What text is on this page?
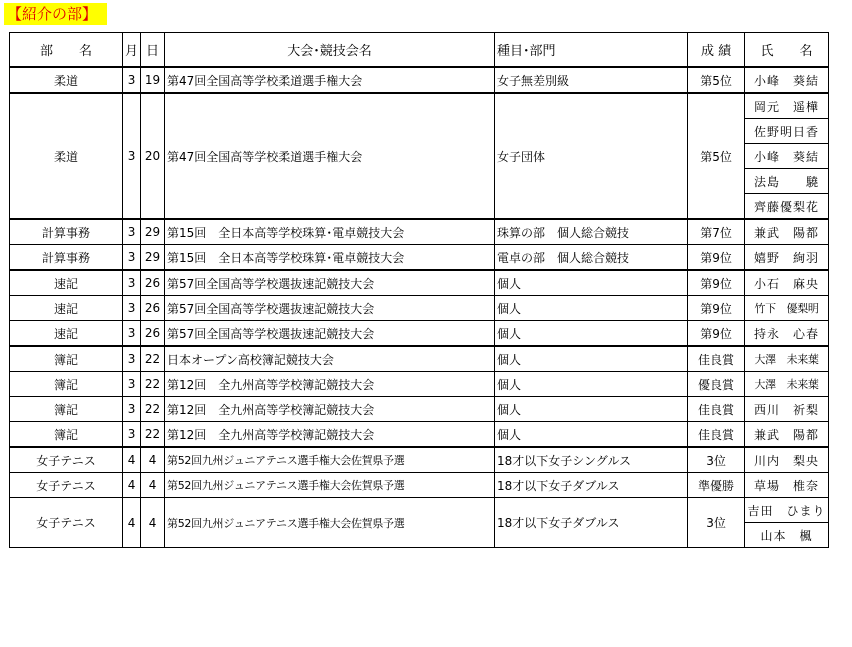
【紹介の部】
部　　名	月	日	大会･競技会名	種目･部門	成 績	氏　　名
柔道	3	19	第47回全国高等学校柔道選手権大会	女子無差別級	第5位	小峰　葵結
柔道	3	20	第47回全国高等学校柔道選手権大会	女子団体	第5位	岡元　遥樺
						佐野明日香
						小峰　葵結
						法島　　驍
						齊藤優梨花
計算事務	3	29	第15回　全日本高等学校珠算･電卓競技大会	珠算の部　個人総合競技	第7位	兼武　陽都
計算事務	3	29	第15回　全日本高等学校珠算･電卓競技大会	電卓の部　個人総合競技	第9位	嬉野　絢羽
速記	3	26	第57回全国高等学校選抜速記競技大会	個人	第9位	小石　麻央
速記	3	26	第57回全国高等学校選抜速記競技大会	個人	第9位	竹下　優梨明
速記	3	26	第57回全国高等学校選抜速記競技大会	個人	第9位	持永　心春
簿記	3	22	日本オープン高校簿記競技大会	個人	佳良賞	大澤　未来葉
簿記	3	22	第12回　全九州高等学校簿記競技大会	個人	優良賞	大澤　未来葉
簿記	3	22	第12回　全九州高等学校簿記競技大会	個人	佳良賞	西川　祈梨
簿記	3	22	第12回　全九州高等学校簿記競技大会	個人	佳良賞	兼武　陽都
女子テニス	4	4	第52回九州ジュニアテニス選手権大会佐賀県予選	18才以下女子シングルス	3位	川内　梨央
女子テニス	4	4	第52回九州ジュニアテニス選手権大会佐賀県予選	18才以下女子ダブルス	準優勝	草場　椎奈
女子テニス	4	4	第52回九州ジュニアテニス選手権大会佐賀県予選	18才以下女子ダブルス	3位	吉田　ひまり
						山本　楓
